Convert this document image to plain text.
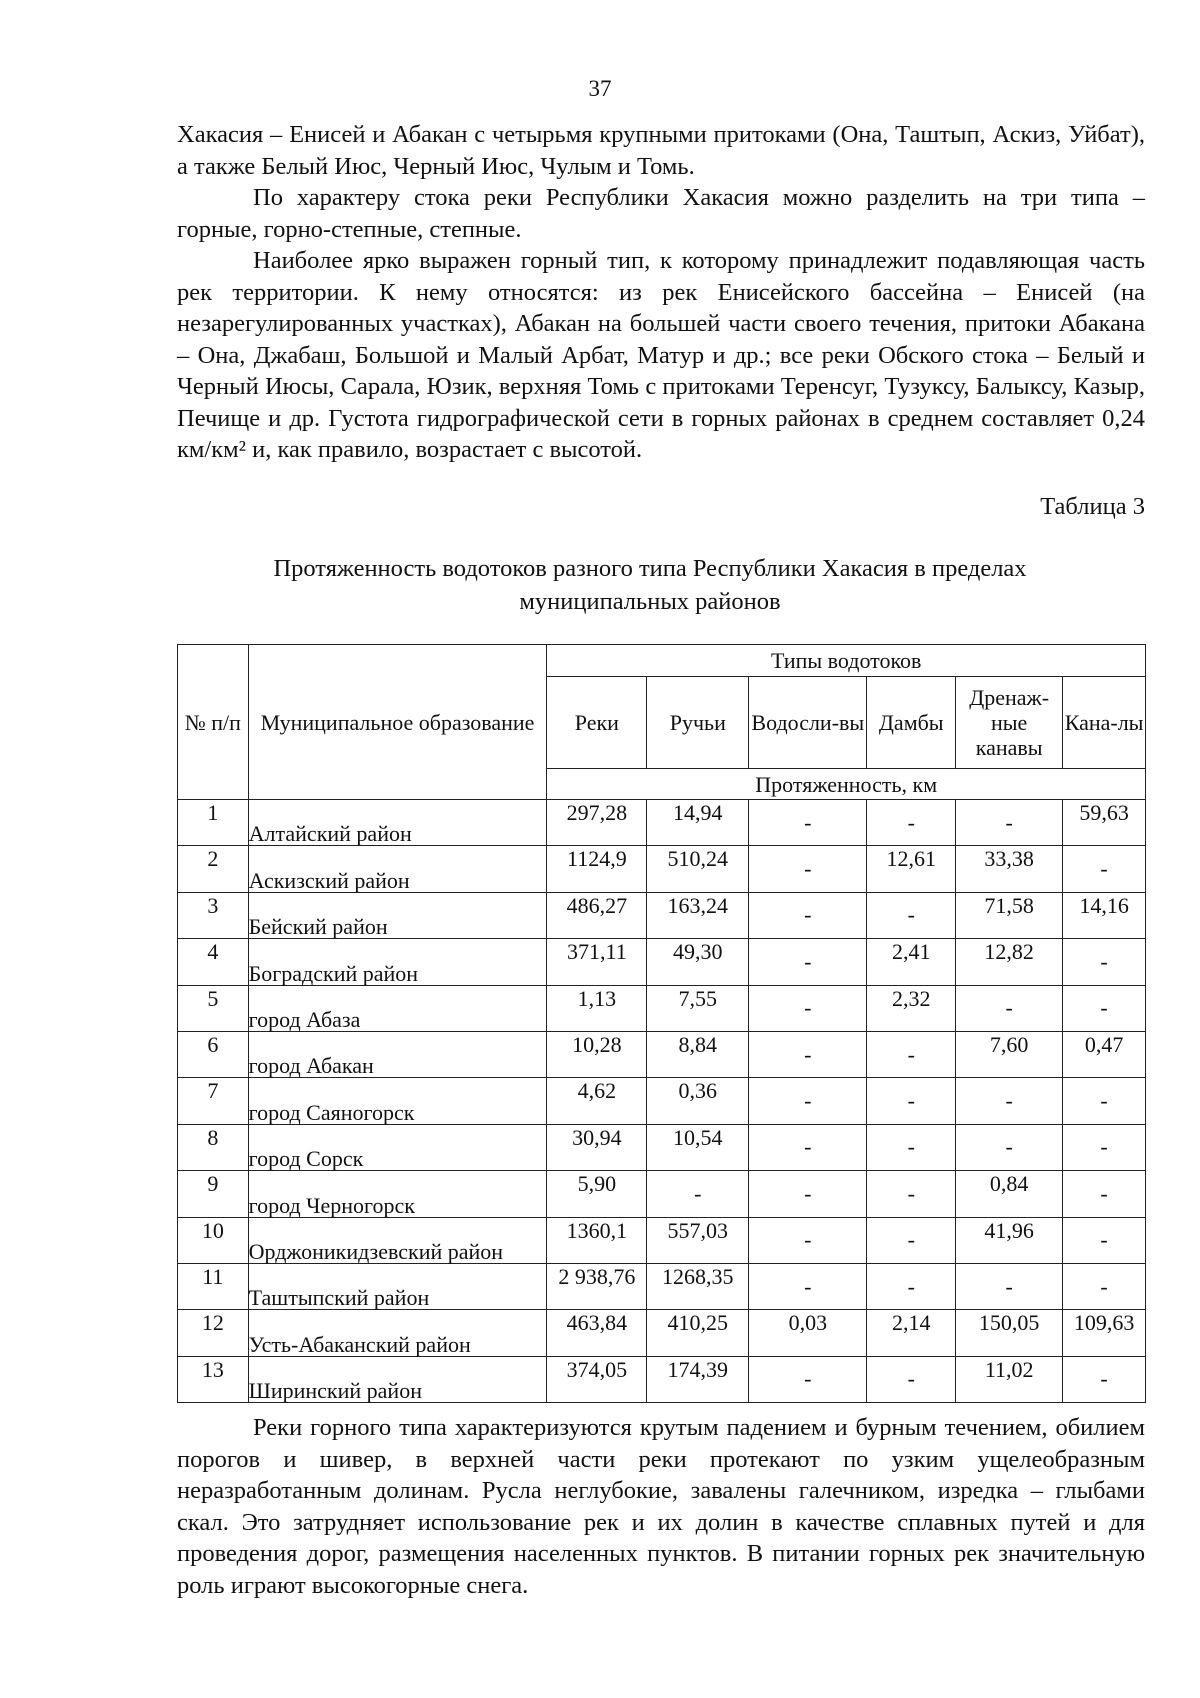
37

Хакасия – Енисей и Абакан с четырьмя крупными притоками (Она, Таштып, Аскиз, Уйбат), а также Белый Июс, Черный Июс, Чулым и Томь.

По характеру стока реки Республики Хакасия можно разделить на три типа – горные, горно-степные, степные.

Наиболее ярко выражен горный тип, к которому принадлежит подавляющая часть рек территории. К нему относятся: из рек Енисейского бассейна – Енисей (на незарегулированных участках), Абакан на большей части своего течения, притоки Абакана – Она, Джабаш, Большой и Малый Арбат, Матур и др.; все реки Обского стока – Белый и Черный Июсы, Сарала, Юзик, верхняя Томь с притоками Теренсуг, Тузуксу, Балыксу, Казыр, Печище и др. Густота гидрографической сети в горных районах в среднем составляет 0,24 км/км² и, как правило, возрастает с высотой.

Таблица 3
Протяженность водотоков разного типа Республики Хакасия в пределах
муниципальных районов
№ п/п	Муниципальное образование	Типы водотоков					
		Реки	Ручьи	Водосли-вы	Дамбы	Дренаж-ные канавы	Кана-лы
		Протяженность, км					
1	Алтайский район	297,28	14,94	-	-	-	59,63
2	Аскизский район	1124,9	510,24	-	12,61	33,38	-
3	Бейский район	486,27	163,24	-	-	71,58	14,16
4	Боградский район	371,11	49,30	-	2,41	12,82	-
5	город Абаза	1,13	7,55	-	2,32	-	-
6	город Абакан	10,28	8,84	-	-	7,60	0,47
7	город Саяногорск	4,62	0,36	-	-	-	-
8	город Сорск	30,94	10,54	-	-	-	-
9	город Черногорск	5,90	-	-	-	0,84	-
10	Орджоникидзевский район	1360,1	557,03	-	-	41,96	-
11	Таштыпский район	2 938,76	1268,35	-	-	-	-
12	Усть-Абаканский район	463,84	410,25	0,03	2,14	150,05	109,63
13	Ширинский район	374,05	174,39	-	-	11,02	-

Реки горного типа характеризуются крутым падением и бурным течением, обилием порогов и шивер, в верхней части реки протекают по узким ущелеобразным неразработанным долинам. Русла неглубокие, завалены галечником, изредка – глыбами скал. Это затрудняет использование рек и их долин в качестве сплавных путей и для проведения дорог, размещения населенных пунктов. В питании горных рек значительную роль играют высокогорные снега.
